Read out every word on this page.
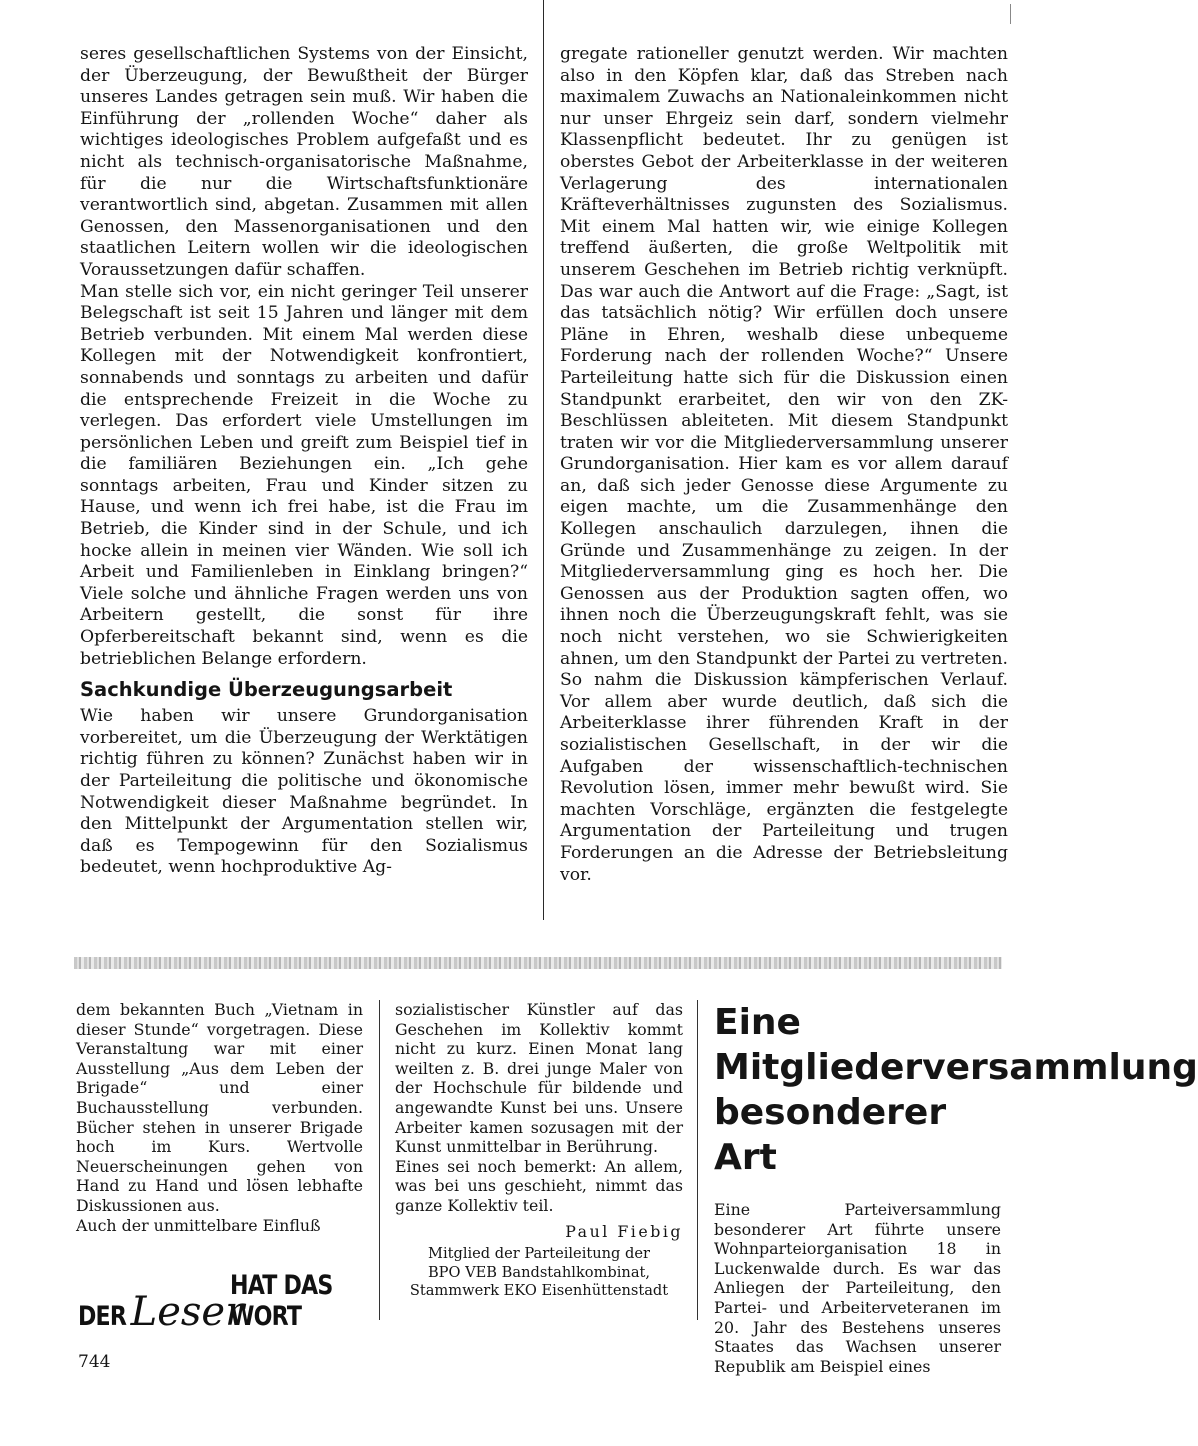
seres gesellschaftlichen Systems von der Einsicht, der Überzeugung, der Bewußtheit der Bürger unseres Landes getragen sein muß. Wir haben die Einführung der „rollenden Woche“ daher als wichtiges ideologisches Problem aufgefaßt und es nicht als technisch-organisatorische Maßnahme, für die nur die Wirtschaftsfunktionäre verantwortlich sind, abgetan. Zusammen mit allen Genossen, den Massenorganisationen und den staatlichen Leitern wollen wir die ideologischen Voraussetzungen dafür schaffen.

Man stelle sich vor, ein nicht geringer Teil unserer Belegschaft ist seit 15 Jahren und länger mit dem Betrieb verbunden. Mit einem Mal werden diese Kollegen mit der Notwendigkeit konfrontiert, sonnabends und sonntags zu arbeiten und dafür die entsprechende Freizeit in die Woche zu verlegen. Das erfordert viele Umstellungen im persönlichen Leben und greift zum Beispiel tief in die familiären Beziehungen ein. „Ich gehe sonntags arbeiten, Frau und Kinder sitzen zu Hause, und wenn ich frei habe, ist die Frau im Betrieb, die Kinder sind in der Schule, und ich hocke allein in meinen vier Wänden. Wie soll ich Arbeit und Familienleben in Einklang bringen?“ Viele solche und ähnliche Fragen werden uns von Arbeitern gestellt, die sonst für ihre Opferbereitschaft bekannt sind, wenn es die betrieblichen Belange erfordern.

Sachkundige Überzeugungsarbeit

Wie haben wir unsere Grundorganisation vorbereitet, um die Überzeugung der Werktätigen richtig führen zu können? Zunächst haben wir in der Parteileitung die politische und ökonomische Notwendigkeit dieser Maßnahme begründet. In den Mittelpunkt der Argumentation stellen wir, daß es Tempogewinn für den Sozialismus bedeutet, wenn hochproduktive Ag-

gregate rationeller genutzt werden. Wir machten also in den Köpfen klar, daß das Streben nach maximalem Zuwachs an Nationaleinkommen nicht nur unser Ehrgeiz sein darf, sondern vielmehr Klassenpflicht bedeutet. Ihr zu genügen ist oberstes Gebot der Arbeiterklasse in der weiteren Verlagerung des internationalen Kräfteverhältnisses zugunsten des Sozialismus. Mit einem Mal hatten wir, wie einige Kollegen treffend äußerten, die große Weltpolitik mit unserem Geschehen im Betrieb richtig verknüpft. Das war auch die Antwort auf die Frage: „Sagt, ist das tatsächlich nötig? Wir erfüllen doch unsere Pläne in Ehren, weshalb diese unbequeme Forderung nach der rollenden Woche?“ Unsere Parteileitung hatte sich für die Diskussion einen Standpunkt erarbeitet, den wir von den ZK-Beschlüssen ableiteten. Mit diesem Standpunkt traten wir vor die Mitgliederversammlung unserer Grundorganisation. Hier kam es vor allem darauf an, daß sich jeder Genosse diese Argumente zu eigen machte, um die Zusammenhänge den Kollegen anschaulich darzulegen, ihnen die Gründe und Zusammenhänge zu zeigen. In der Mitgliederversammlung ging es hoch her. Die Genossen aus der Produktion sagten offen, wo ihnen noch die Überzeugungskraft fehlt, was sie noch nicht verstehen, wo sie Schwierigkeiten ahnen, um den Standpunkt der Partei zu vertreten. So nahm die Diskussion kämpferischen Verlauf. Vor allem aber wurde deutlich, daß sich die Arbeiterklasse ihrer führenden Kraft in der sozialistischen Gesellschaft, in der wir die Aufgaben der wissenschaftlich-technischen Revolution lösen, immer mehr bewußt wird. Sie machten Vorschläge, ergänzten die festgelegte Argumentation der Parteileitung und trugen Forderungen an die Adresse der Betriebsleitung vor.

dem bekannten Buch „Vietnam in dieser Stunde“ vorgetragen. Diese Veranstaltung war mit einer Ausstellung „Aus dem Leben der Brigade“ und einer Buchausstellung verbunden. Bücher stehen in unserer Brigade hoch im Kurs. Wertvolle Neuerscheinungen gehen von Hand zu Hand und lösen lebhafte Diskussionen aus.

Auch der unmittelbare Einfluß

sozialistischer Künstler auf das Geschehen im Kollektiv kommt nicht zu kurz. Einen Monat lang weilten z. B. drei junge Maler von der Hochschule für bildende und angewandte Kunst bei uns. Unsere Arbeiter kamen sozusagen mit der Kunst unmittelbar in Berührung.

Eines sei noch bemerkt: An allem, was bei uns geschieht, nimmt das ganze Kollektiv teil.

Paul Fiebig
Mitglied der Parteileitung der
BPO VEB Bandstahlkombinat,
Stammwerk EKO Eisenhüttenstadt
Eine Mitgliederversammlung besonderer Art

Eine Parteiversammlung besonderer Art führte unsere Wohnparteiorganisation 18 in Luckenwalde durch. Es war das Anliegen der Parteileitung, den Partei- und Arbeiterveteranen im 20. Jahr des Bestehens unseres Staates das Wachsen unserer Republik am Beispiel eines

DER Leser
HAT DAS WORT
744
